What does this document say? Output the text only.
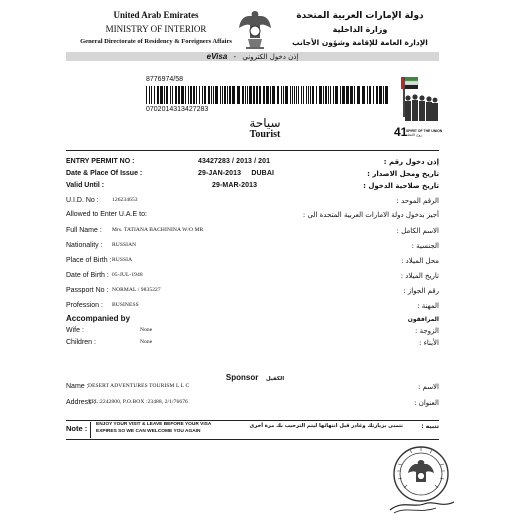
United Arab Emirates
MINISTRY OF INTERIOR
General Directorate of Residency & Foreigners Affairs
دولة الإمارات العربية المتحدة
وزارة الداخلية
الإدارة العامة للإقامة وشؤون الأجانب
eVisa - إذن دخول الكتروني
8776974/58
0702014313427283
سياحة
Tourist	41
SPIRIT OF THE UNION
روح الاتحاد
ENTRY PERMIT NO :	43427283 / 2013 / 201	إذن دخول رقم :
Date & Place Of Issue :	29-JAN-2013     DUBAI	تاريخ ومحل الاصدار :
Valid Until :	29-MAR-2013	تاريخ صلاحية الدخول :
U.I.D. No : 126234653	الرقم الموحد :
Allowed to Enter U.A.E to:	أجيز بدخول دولة الامارات العربية المتحدة الى :
Full Name : Mrs. TATIANA BACHININA W/O MR	الاسم الكامل :
Nationality : RUSSIAN	الجنسية :
Place of Birth : RUSSIA	محل الميلاد :
Date of Birth : 05-JUL-1948	تاريخ الميلاد :
Passport No : NORMAL / 9835227	رقم الجواز :
Profession : BUSINESS	المهنة :
Accompanied by	المرافقون
Wife :	None	الزوجة :
Children :	None	الأبناء :
Sponsor الكفيل
Name : DESERT ADVENTURES TOURISM L L C	الاسم :
Address :
TEL:2242800, P.O.BOX :23488, 2/1/76676	العنوان :
Note : ENJOY YOUR VISIT & LEAVE BEFORE YOUR VISA
EXPIRES SO WE CAN WELCOME YOU AGAIN
نتمنى بزيارتك وغادر قبل انتهائها ليتم الترحيب بك مرة أخرى	تنبيه :
